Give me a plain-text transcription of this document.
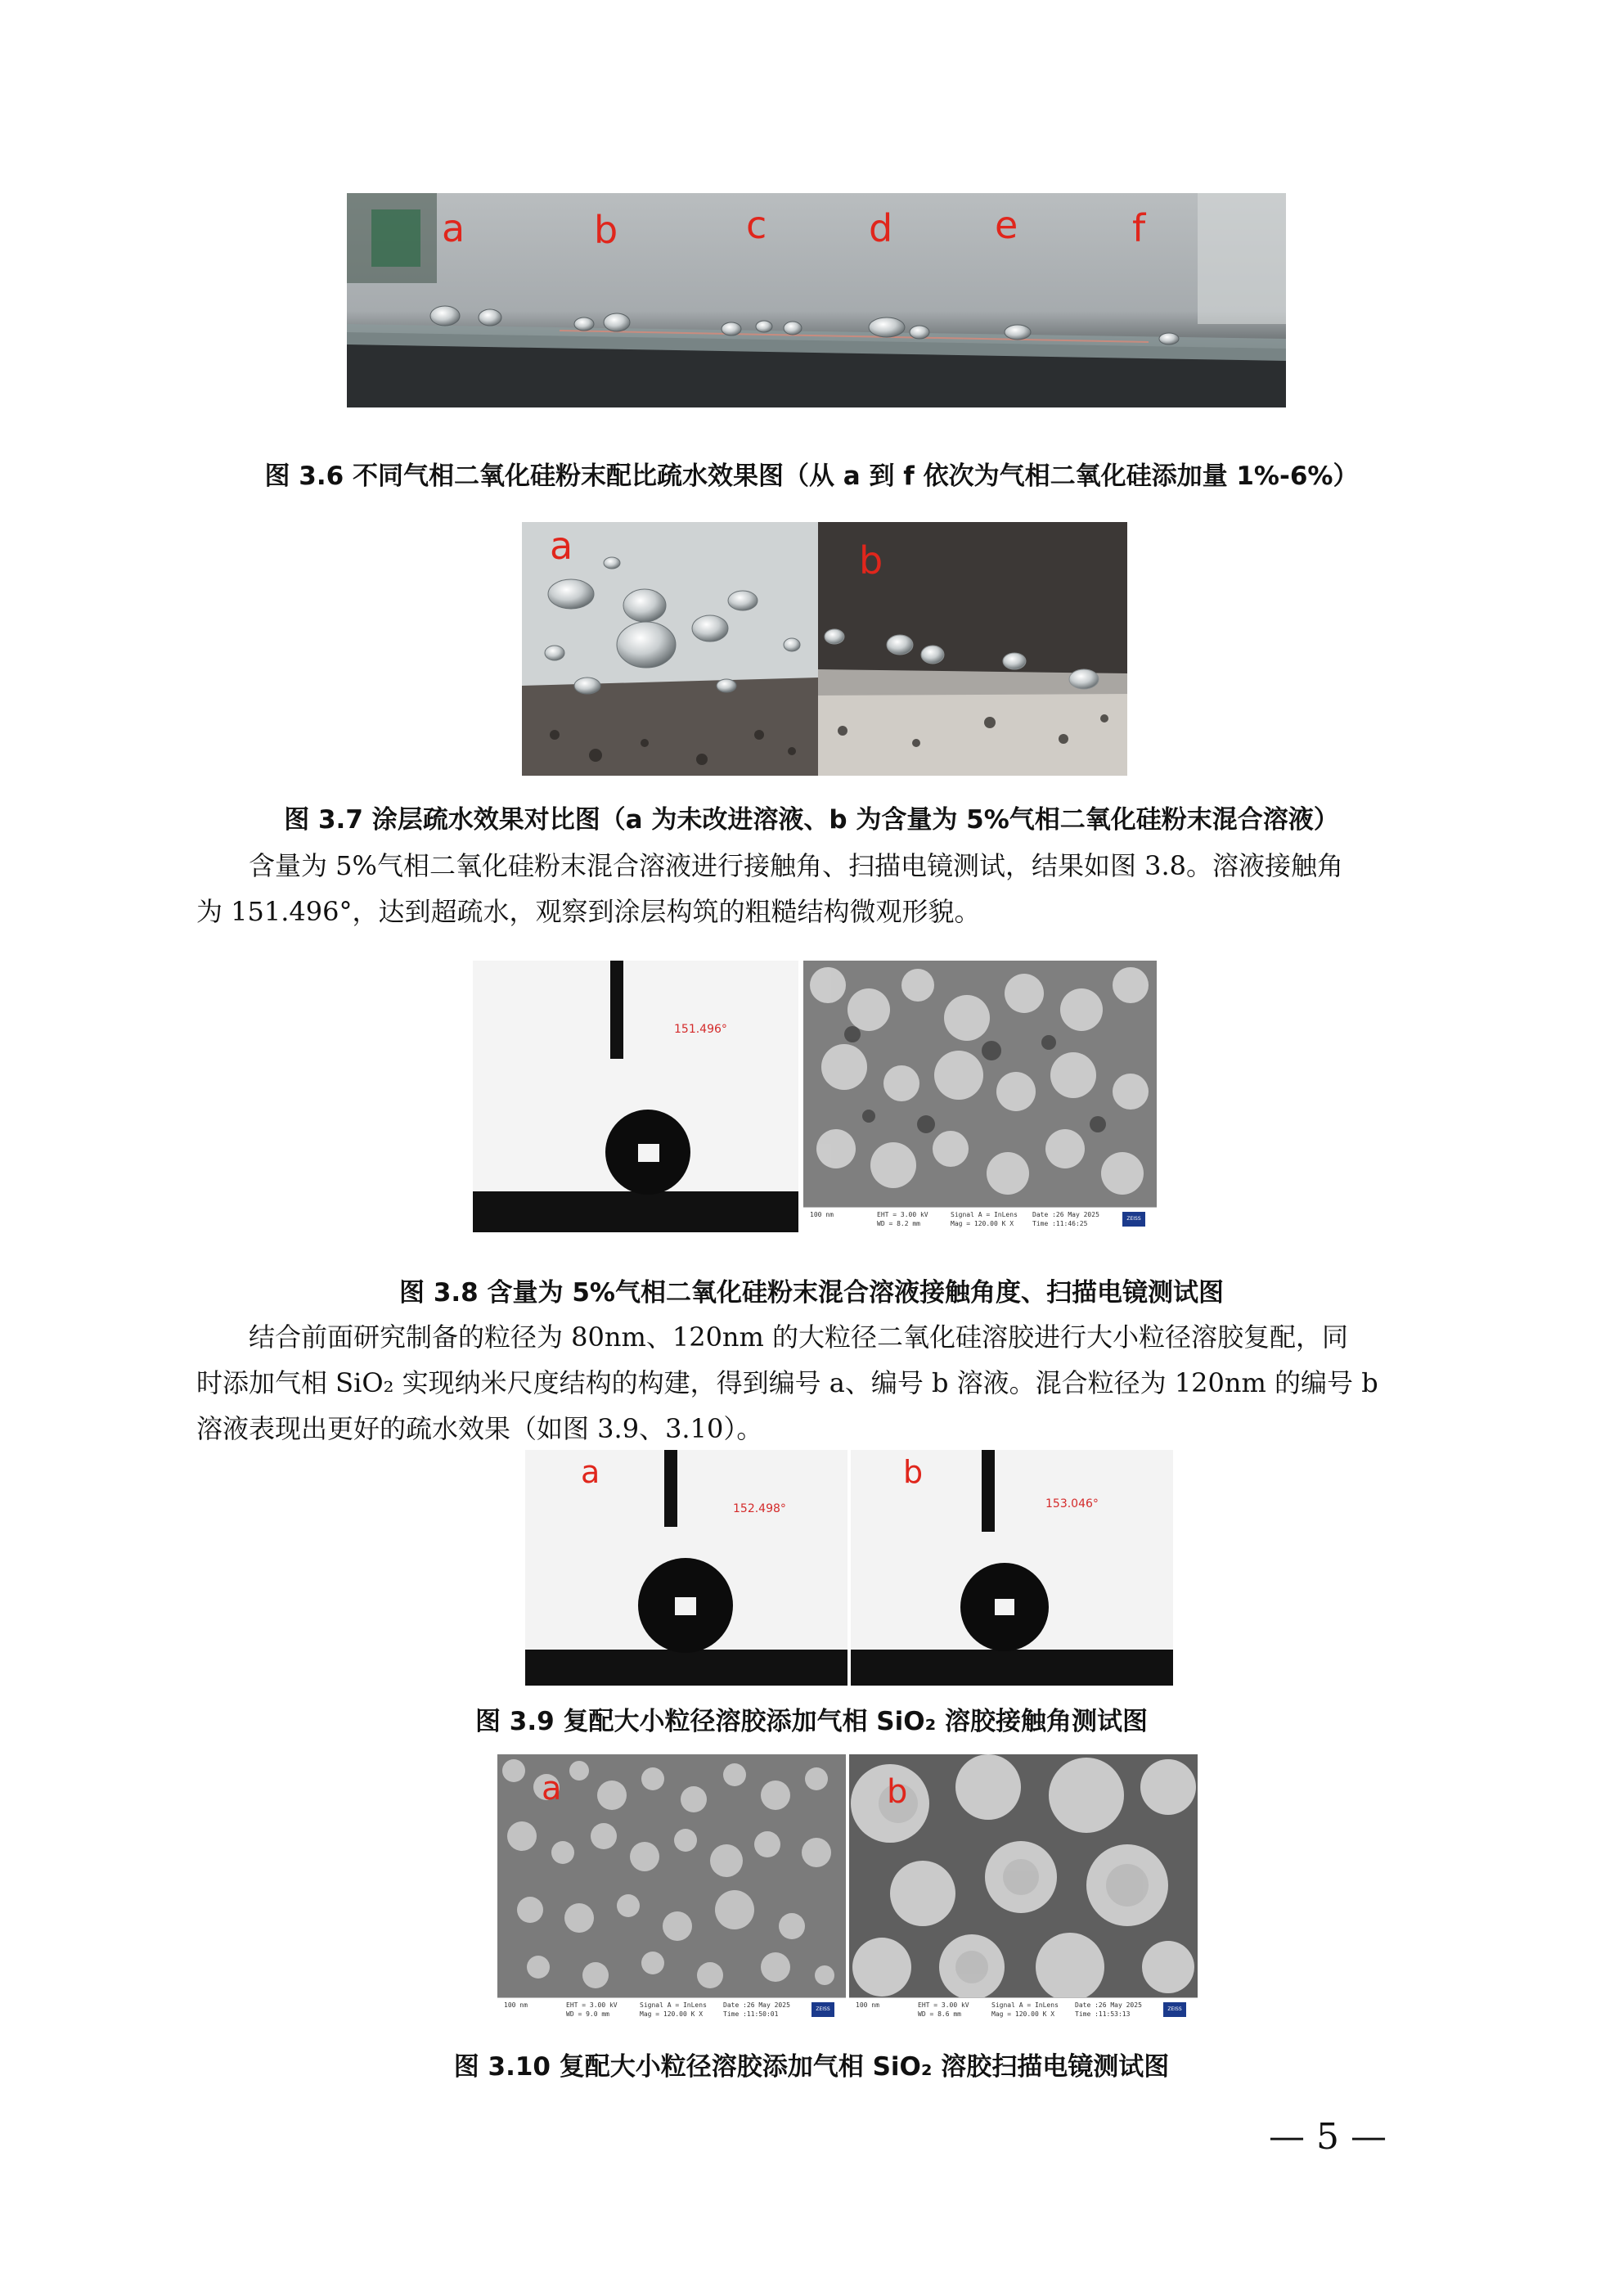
a	b	c	d	e	f
图 3.6 不同气相二氧化硅粉末配比疏水效果图（从 a 到 f 依次为气相二氧化硅添加量 1%-6%）
a	b
图 3.7 涂层疏水效果对比图（a 为未改进溶液、b 为含量为 5%气相二氧化硅粉末混合溶液）
含量为 5%气相二氧化硅粉末混合溶液进行接触角、扫描电镜测试，结果如图 3.8。溶液接触角
为 151.496°，达到超疏水，观察到涂层构筑的粗糙结构微观形貌。
151.496°
100 nm	EHT = 3.00 kV
WD = 8.2 mm
Signal A = InLens
Mag = 120.00 K X
Date :26 May 2025
Time :11:46:25
ZEISS
图 3.8 含量为 5%气相二氧化硅粉末混合溶液接触角度、扫描电镜测试图
结合前面研究制备的粒径为 80nm、120nm 的大粒径二氧化硅溶胶进行大小粒径溶胶复配，同
时添加气相 SiO₂ 实现纳米尺度结构的构建，得到编号 a、编号 b 溶液。混合粒径为 120nm 的编号 b
溶液表现出更好的疏水效果（如图 3.9、3.10）。
a
152.498°
b
153.046°
图 3.9 复配大小粒径溶胶添加气相 SiO₂ 溶胶接触角测试图
a
100 nm	EHT = 3.00 kV
WD = 9.0 mm
Signal A = InLens
Mag = 120.00 K X
Date :26 May 2025
Time :11:50:01
ZEISS
b
100 nm	EHT = 3.00 kV
WD = 8.6 mm
Signal A = InLens
Mag = 120.00 K X
Date :26 May 2025
Time :11:53:13
ZEISS
图 3.10 复配大小粒径溶胶添加气相 SiO₂ 溶胶扫描电镜测试图
— 5 —
